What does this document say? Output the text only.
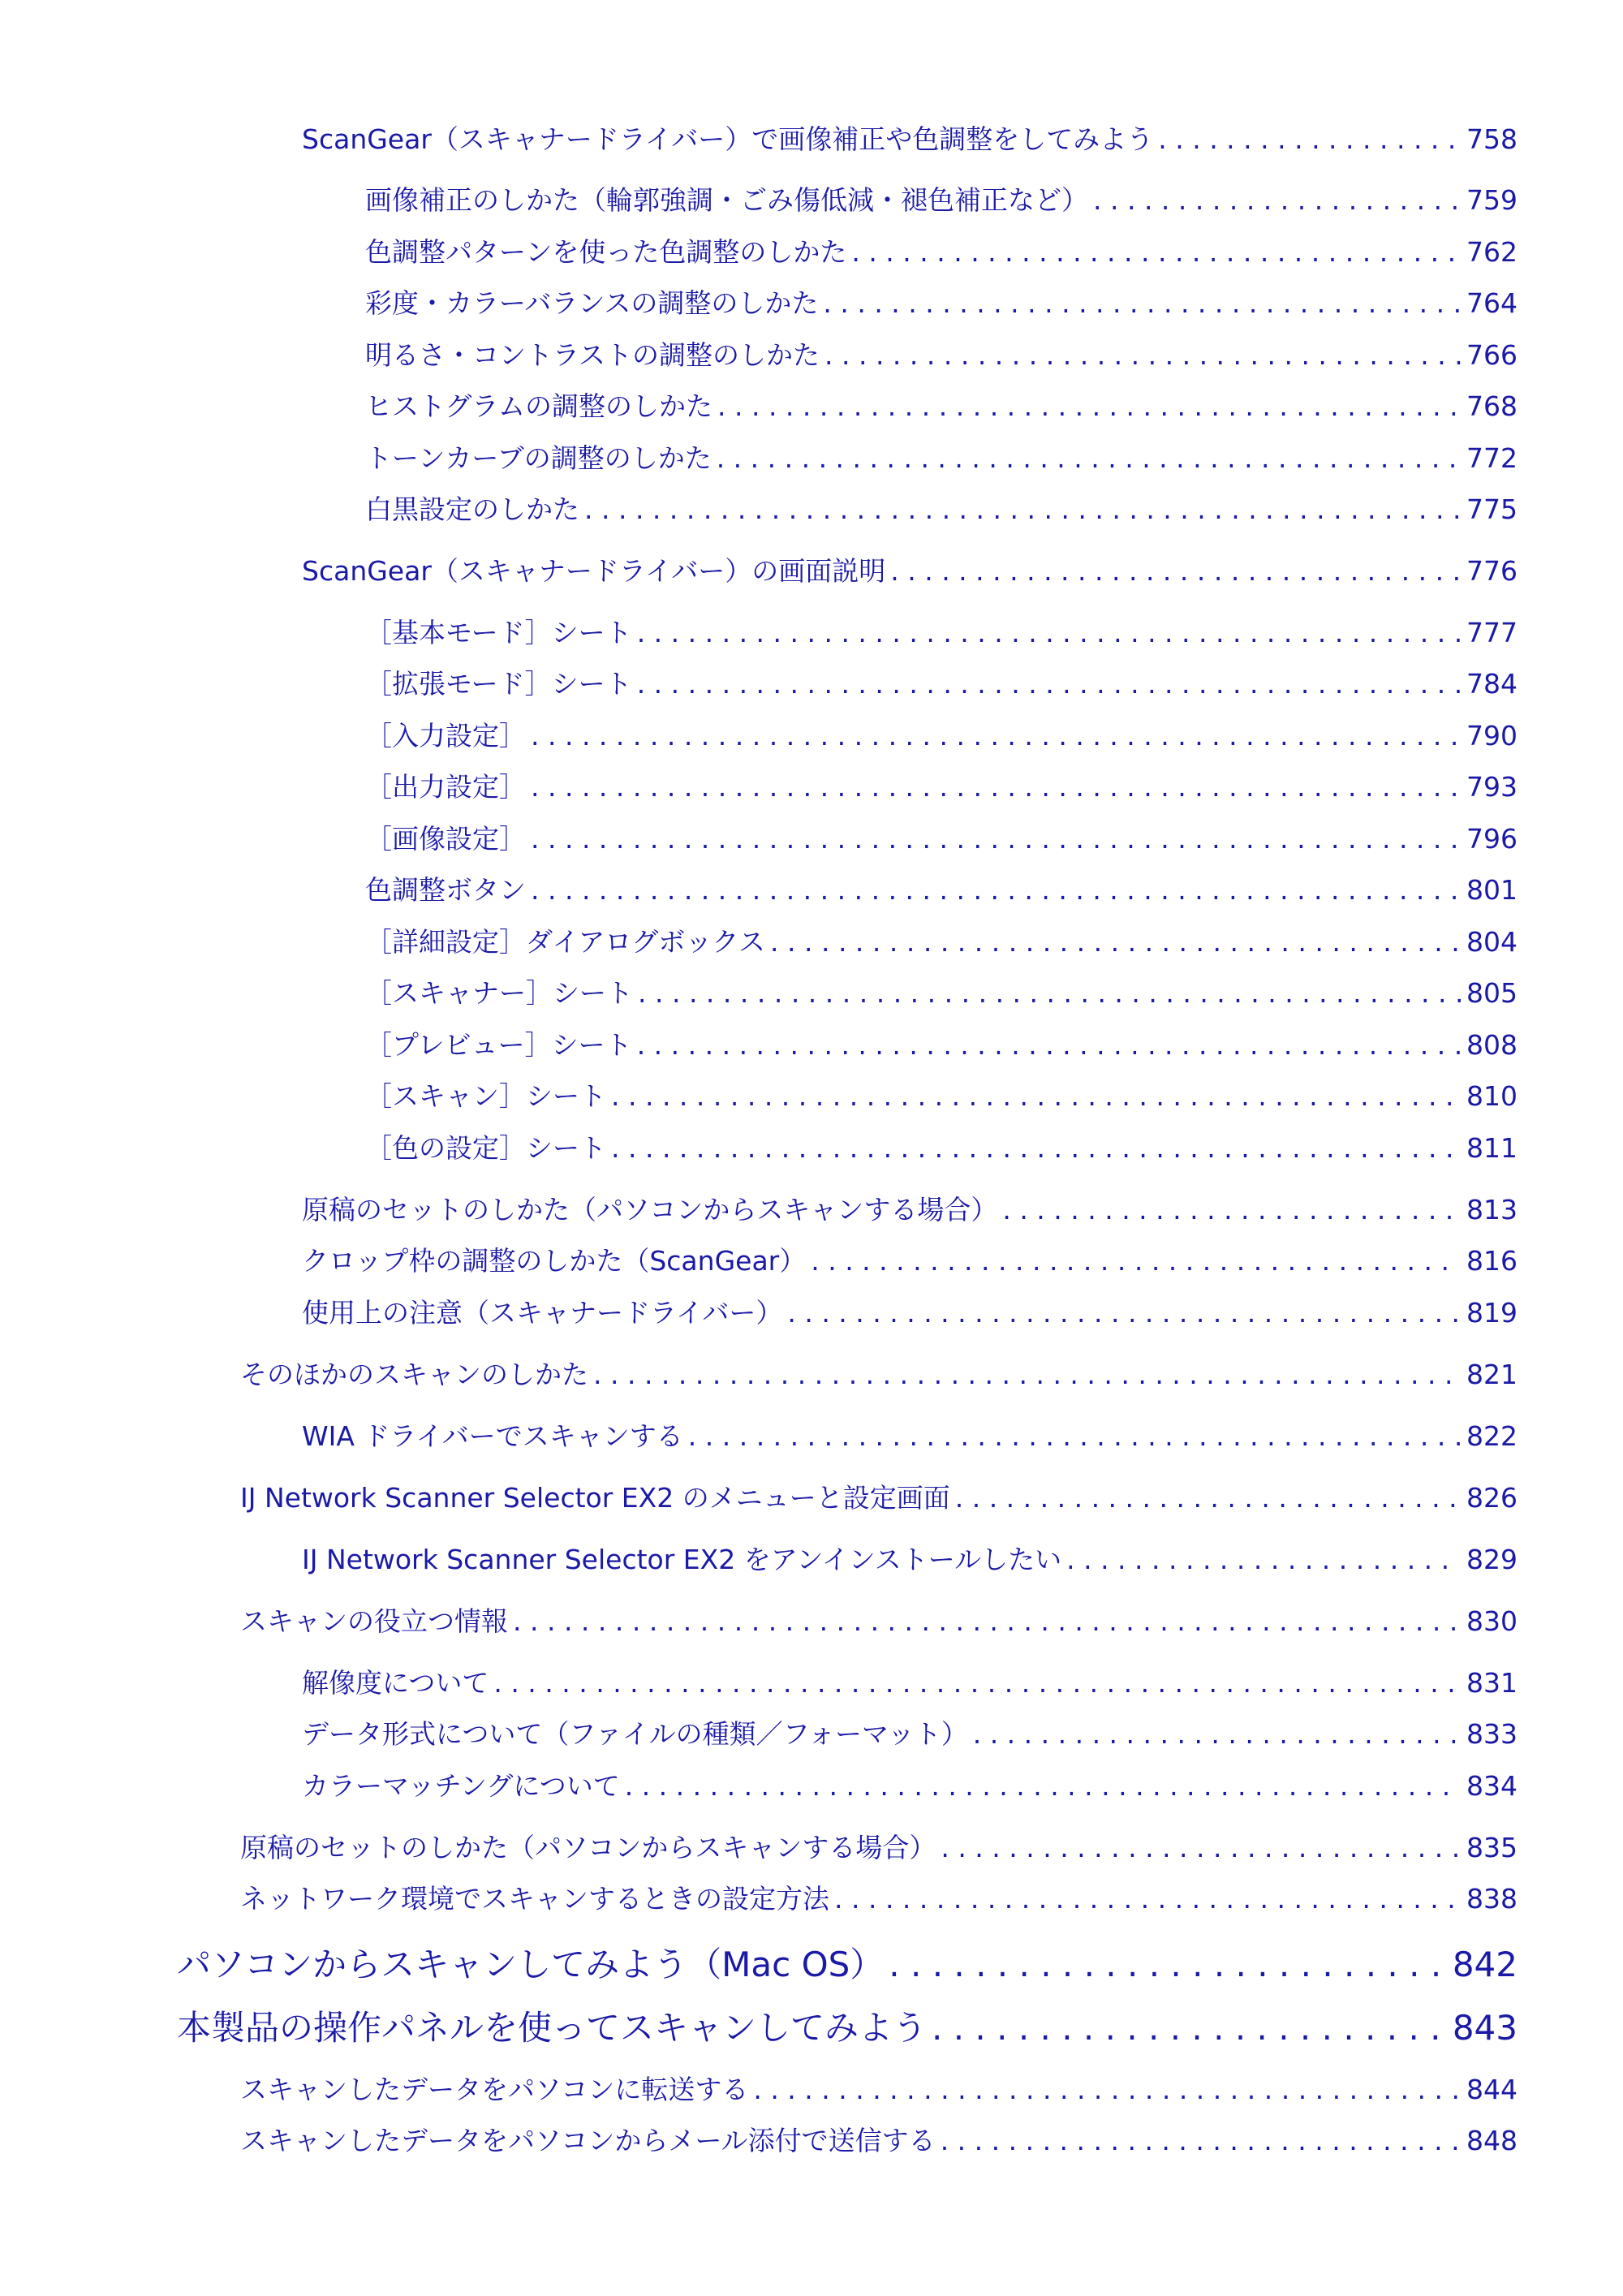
ScanGear（スキャナードライバー）で画像補正や色調整をしてみよう . . .	758
画像補正のしかた（輪郭強調・ごみ傷低減・褪色補正など） . . .	759
色調整パターンを使った色調整のしかた . . .	762
彩度・カラーバランスの調整のしかた . . .	764
明るさ・コントラストの調整のしかた . . .	766
ヒストグラムの調整のしかた . . .	768
トーンカーブの調整のしかた . . .	772
白黒設定のしかた . . .	775
ScanGear（スキャナードライバー）の画面説明 . . .	776
［基本モード］シート . . .	777
［拡張モード］シート . . .	784
［入力設定］ . . .	790
［出力設定］ . . .	793
［画像設定］ . . .	796
色調整ボタン . . .	801
［詳細設定］ダイアログボックス . . .	804
［スキャナー］シート . . .	805
［プレビュー］シート . . .	808
［スキャン］シート . . .	810
［色の設定］シート . . .	811
原稿のセットのしかた（パソコンからスキャンする場合） . . .	813
クロップ枠の調整のしかた（ScanGear） . . .	816
使用上の注意（スキャナードライバー） . . .	819
そのほかのスキャンのしかた . . .	821
WIA ドライバーでスキャンする . . .	822
IJ Network Scanner Selector EX2 のメニューと設定画面 . . .	826
IJ Network Scanner Selector EX2 をアンインストールしたい . . .	829
スキャンの役立つ情報 . . .	830
解像度について . . .	831
データ形式について（ファイルの種類／フォーマット） . . .	833
カラーマッチングについて . . .	834
原稿のセットのしかた（パソコンからスキャンする場合） . . .	835
ネットワーク環境でスキャンするときの設定方法 . . .	838
パソコンからスキャンしてみよう（Mac OS） . . .	842
本製品の操作パネルを使ってスキャンしてみよう . . .	843
スキャンしたデータをパソコンに転送する . . .	844
スキャンしたデータをパソコンからメール添付で送信する . . .	848
